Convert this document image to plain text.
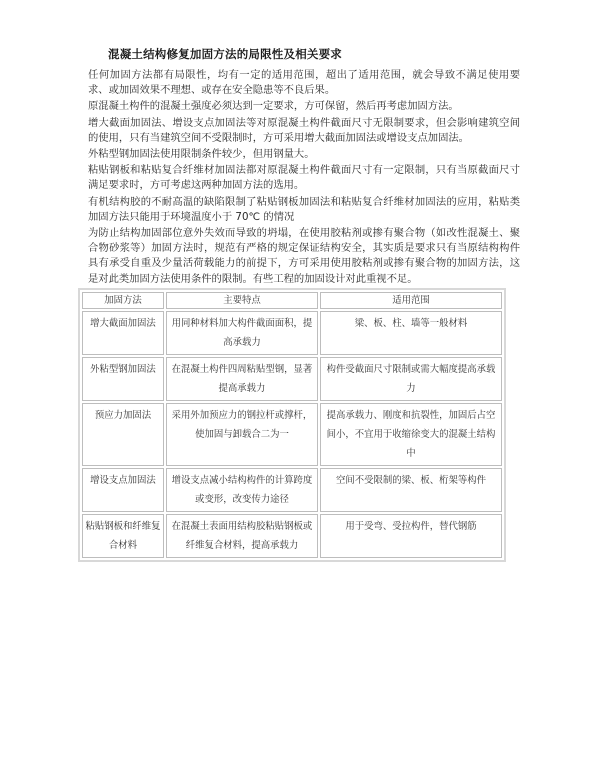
混凝土结构修复加固方法的局限性及相关要求

任何加固方法都有局限性，均有一定的适用范围，超出了适用范围，就会导致不满足使用要求、或加固效果不理想、或存在安全隐患等不良后果。

原混凝土构件的混凝土强度必须达到一定要求，方可保留，然后再考虑加固方法。

增大截面加固法、增设支点加固法等对原混凝土构件截面尺寸无限制要求，但会影响建筑空间的使用，只有当建筑空间不受限制时，方可采用增大截面加固法或增设支点加固法。

外粘型钢加固法使用限制条件较少，但用钢量大。

粘贴钢板和粘贴复合纤维材加固法都对原混凝土构件截面尺寸有一定限制，只有当原截面尺寸满足要求时，方可考虑这两种加固方法的选用。

有机结构胶的不耐高温的缺陷限制了粘贴钢板加固法和粘贴复合纤维材加固法的应用，粘贴类加固方法只能用于环境温度小于 70℃ 的情况

为防止结构加固部位意外失效而导致的坍塌，在使用胶粘剂或掺有聚合物（如改性混凝土、聚合物砂浆等）加固方法时，规范有严格的规定保证结构安全，其实质是要求只有当原结构构件具有承受自重及少量活荷载能力的前提下，方可采用使用胶粘剂或掺有聚合物的加固方法，这是对此类加固方法使用条件的限制。有些工程的加固设计对此重视不足。

加固方法	主要特点	适用范围
增大截面加固法	用同种材料加大构件截面面积，提高承载力	梁、板、柱、墙等一般材料
外粘型钢加固法	在混凝土构件四周粘贴型钢，显著提高承载力	构件受截面尺寸限制或需大幅度提高承载力
预应力加固法	采用外加预应力的钢拉杆或撑杆，使加固与卸载合二为一	提高承载力、刚度和抗裂性，加固后占空间小，不宜用于收缩徐变大的混凝土结构中
增设支点加固法	增设支点减小结构构件的计算跨度或变形，改变传力途径	空间不受限制的梁、板、桁架等构件
粘贴钢板和纤维复合材料	在混凝土表面用结构胶粘贴钢板或纤维复合材料，提高承载力	用于受弯、受拉构件，替代钢筋
